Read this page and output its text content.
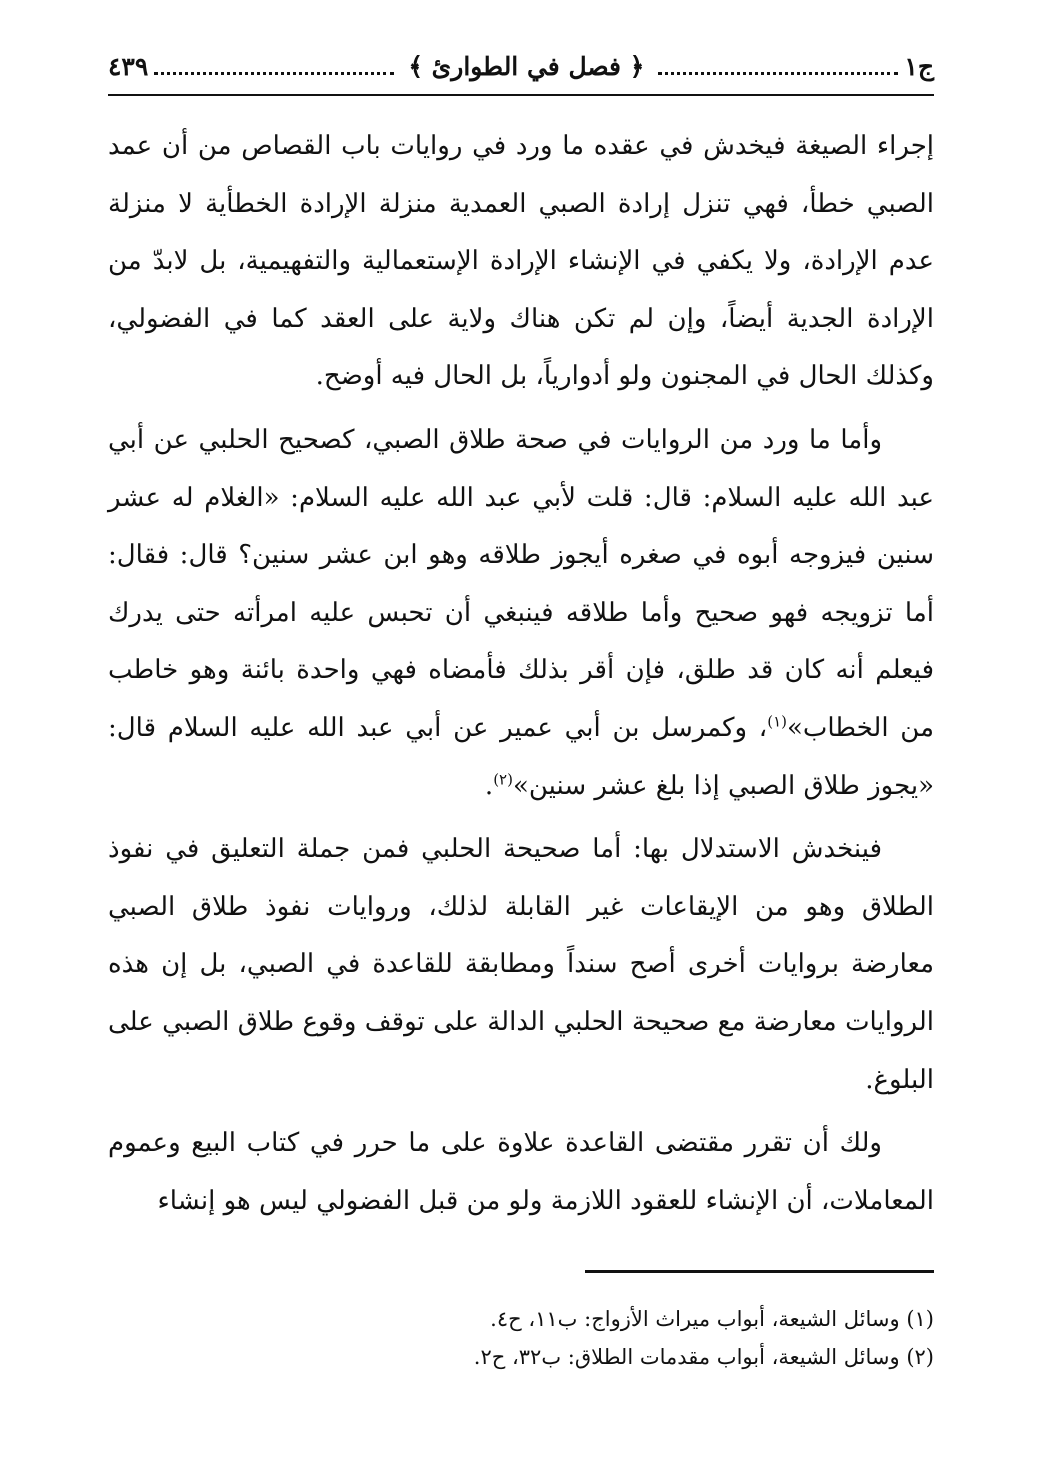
ج١
﴿ فصل في الطوارئ ﴾
٤٣٩

إجراء الصيغة فيخدش في عقده ما ورد في روايات باب القصاص من أن عمد الصبي خطأ، فهي تنزل إرادة الصبي العمدية منزلة الإرادة الخطأية لا منزلة عدم الإرادة، ولا يكفي في الإنشاء الإرادة الإستعمالية والتفهيمية، بل لابدّ من الإرادة الجدية أيضاً، وإن لم تكن هناك ولاية على العقد كما في الفضولي، وكذلك الحال في المجنون ولو أدوارياً، بل الحال فيه أوضح.

وأما ما ورد من الروايات في صحة طلاق الصبي، كصحيح الحلبي عن أبي عبد الله عليه السلام: قال: قلت لأبي عبد الله عليه السلام: «الغلام له عشر سنين فيزوجه أبوه في صغره أيجوز طلاقه وهو ابن عشر سنين؟ قال: فقال: أما تزويجه فهو صحيح وأما طلاقه فينبغي أن تحبس عليه امرأته حتى يدرك فيعلم أنه كان قد طلق، فإن أقر بذلك فأمضاه فهي واحدة بائنة وهو خاطب من الخطاب»$^{(١)}$، وكمرسل بن أبي عمير عن أبي عبد الله عليه السلام قال: «يجوز طلاق الصبي إذا بلغ عشر سنين»$^{(٢)}$.

فينخدش الاستدلال بها: أما صحيحة الحلبي فمن جملة التعليق في نفوذ الطلاق وهو من الإيقاعات غير القابلة لذلك، وروايات نفوذ طلاق الصبي معارضة بروايات أخرى أصح سنداً ومطابقة للقاعدة في الصبي، بل إن هذه الروايات معارضة مع صحيحة الحلبي الدالة على توقف وقوع طلاق الصبي على البلوغ.

ولك أن تقرر مقتضى القاعدة علاوة على ما حرر في كتاب البيع وعموم المعاملات، أن الإنشاء للعقود اللازمة ولو من قبل الفضولي ليس هو إنشاء

(١) وسائل الشيعة، أبواب ميراث الأزواج: ب١١، ح٤.
(٢) وسائل الشيعة، أبواب مقدمات الطلاق: ب٣٢، ح٢.
